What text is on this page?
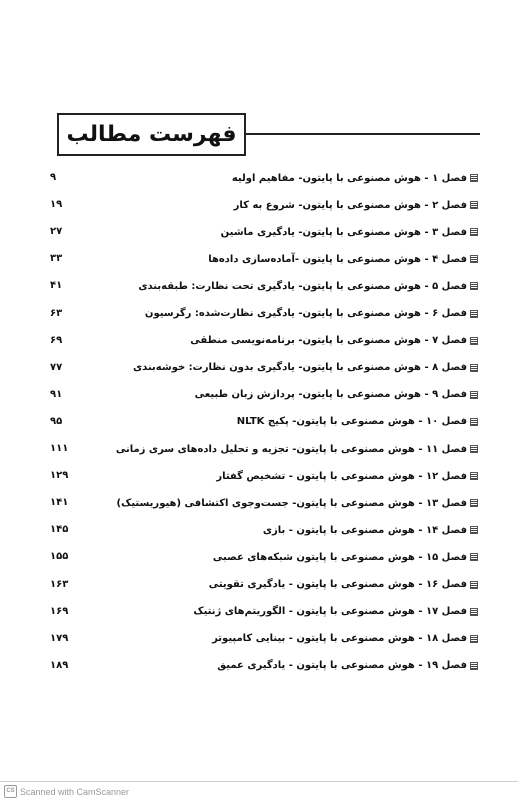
فهرست مطالب
فصل ۱ - هوش مصنوعی با پایتون- مفاهیم اولیه
۹
فصل ۲ - هوش مصنوعی با پایتون- شروع به کار
۱۹
فصل ۳ - هوش مصنوعی با پایتون- یادگیری ماشین
۲۷
فصل ۴ - هوش مصنوعی با پایتون -آماده‌سازی داده‌ها
۳۳
فصل ۵ - هوش مصنوعی با پایتون- یادگیری تحت نظارت: طبقه‌بندی
۴۱
فصل ۶ - هوش مصنوعی با پایتون- یادگیری نظارت‌شده: رگرسیون
۶۳
فصل ۷ - هوش مصنوعی با پایتون- برنامه‌نویسی منطقی
۶۹
فصل ۸ - هوش مصنوعی با پایتون- یادگیری بدون نظارت: خوشه‌بندی
۷۷
فصل ۹ - هوش مصنوعی با پایتون- پردازش زبان طبیعی
۹۱
فصل ۱۰ - هوش مصنوعی با پایتون- پکیج NLTK
۹۵
فصل ۱۱ - هوش مصنوعی با پایتون- تجزیه و تحلیل داده‌های سری زمانی
۱۱۱
فصل ۱۲ - هوش مصنوعی با پایتون - تشخیص گفتار
۱۲۹
فصل ۱۳ - هوش مصنوعی با پایتون- جست‌وجوی اکتشافی (هیوریستیک)
۱۴۱
فصل ۱۴ - هوش مصنوعی با پایتون - بازی
۱۴۵
فصل ۱۵ - هوش مصنوعی با پایتون شبکه‌های عصبی
۱۵۵
فصل ۱۶ - هوش مصنوعی با پایتون - یادگیری تقویتی
۱۶۳
فصل ۱۷ - هوش مصنوعی با پایتون - الگوریتم‌های ژنتیک
۱۶۹
فصل ۱۸ - هوش مصنوعی با پایتون - بینایی کامپیوتر
۱۷۹
فصل ۱۹ - هوش مصنوعی با پایتون - یادگیری عمیق
۱۸۹
CS Scanned with CamScanner
